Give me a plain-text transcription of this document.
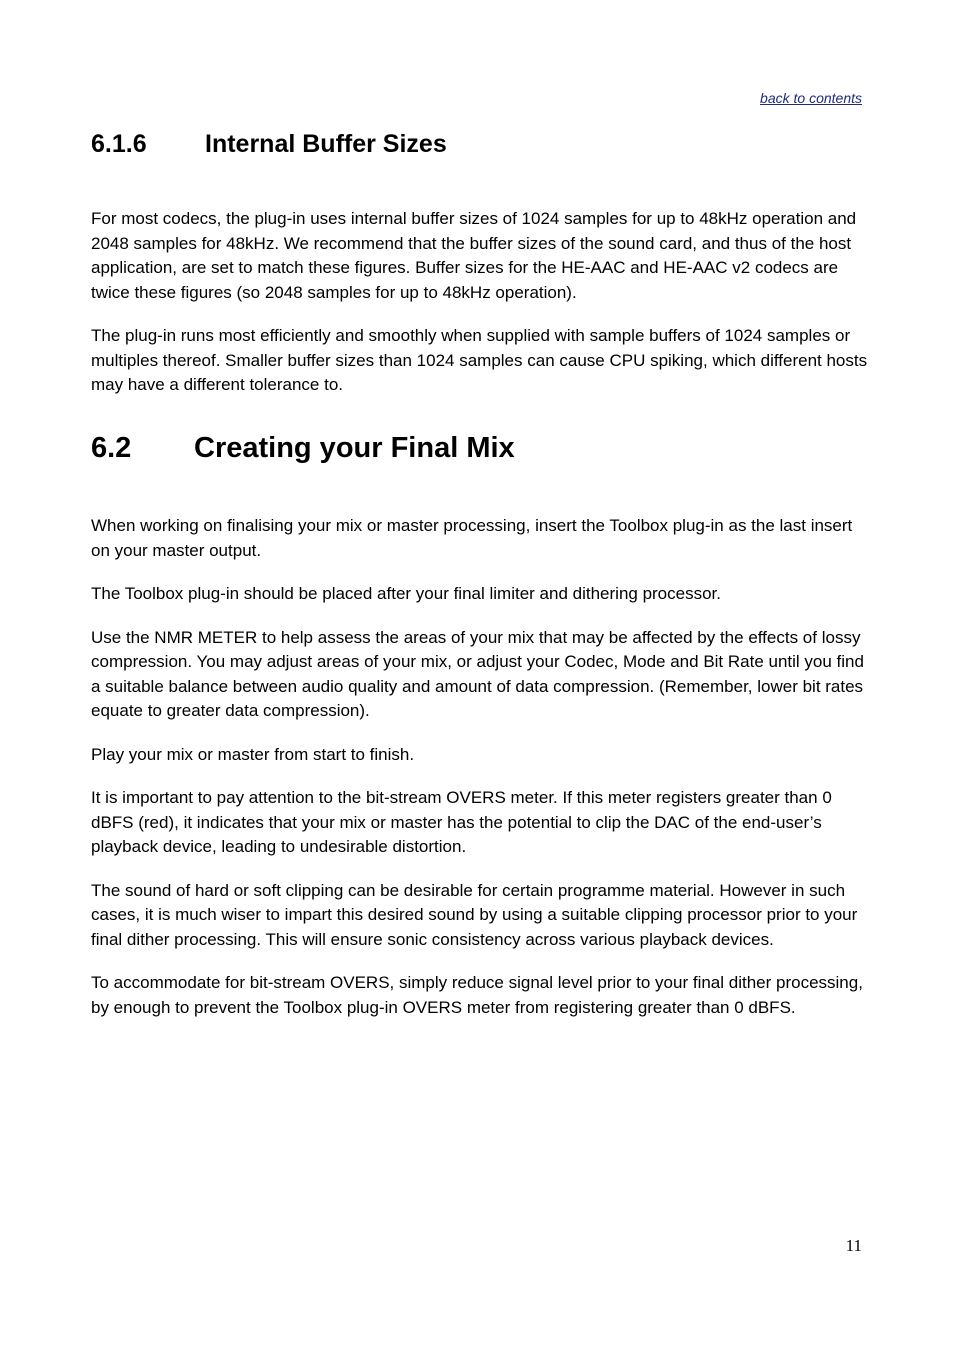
back to contents
6.1.6	Internal Buffer Sizes

For most codecs, the plug-in uses internal buffer sizes of 1024 samples for up to 48kHz operation and 2048 samples for 48kHz. We recommend that the buffer sizes of the sound card, and thus of the host application, are set to match these figures. Buffer sizes for the HE-AAC and HE-AAC v2 codecs are twice these figures (so 2048 samples for up to 48kHz operation).

The plug-in runs most efficiently and smoothly when supplied with sample buffers of 1024 samples or multiples thereof. Smaller buffer sizes than 1024 samples can cause CPU spiking, which different hosts may have a different tolerance to.

6.2	Creating your Final Mix

When working on finalising your mix or master processing, insert the Toolbox plug-in as the last insert on your master output.

The Toolbox plug-in should be placed after your final limiter and dithering processor.

Use the NMR METER to help assess the areas of your mix that may be affected by the effects of lossy compression. You may adjust areas of your mix, or adjust your Codec, Mode and Bit Rate until you find a suitable balance between audio quality and amount of data compression. (Remember, lower bit rates equate to greater data compression).

Play your mix or master from start to finish.

It is important to pay attention to the bit-stream OVERS meter. If this meter registers greater than 0 dBFS (red), it indicates that your mix or master has the potential to clip the DAC of the end-user’s playback device, leading to undesirable distortion.

The sound of hard or soft clipping can be desirable for certain programme material. However in such cases, it is much wiser to impart this desired sound by using a suitable clipping processor prior to your final dither processing. This will ensure sonic consistency across various playback devices.

To accommodate for bit-stream OVERS, simply reduce signal level prior to your final dither processing, by enough to prevent the Toolbox plug-in OVERS meter from registering greater than 0 dBFS.

11
